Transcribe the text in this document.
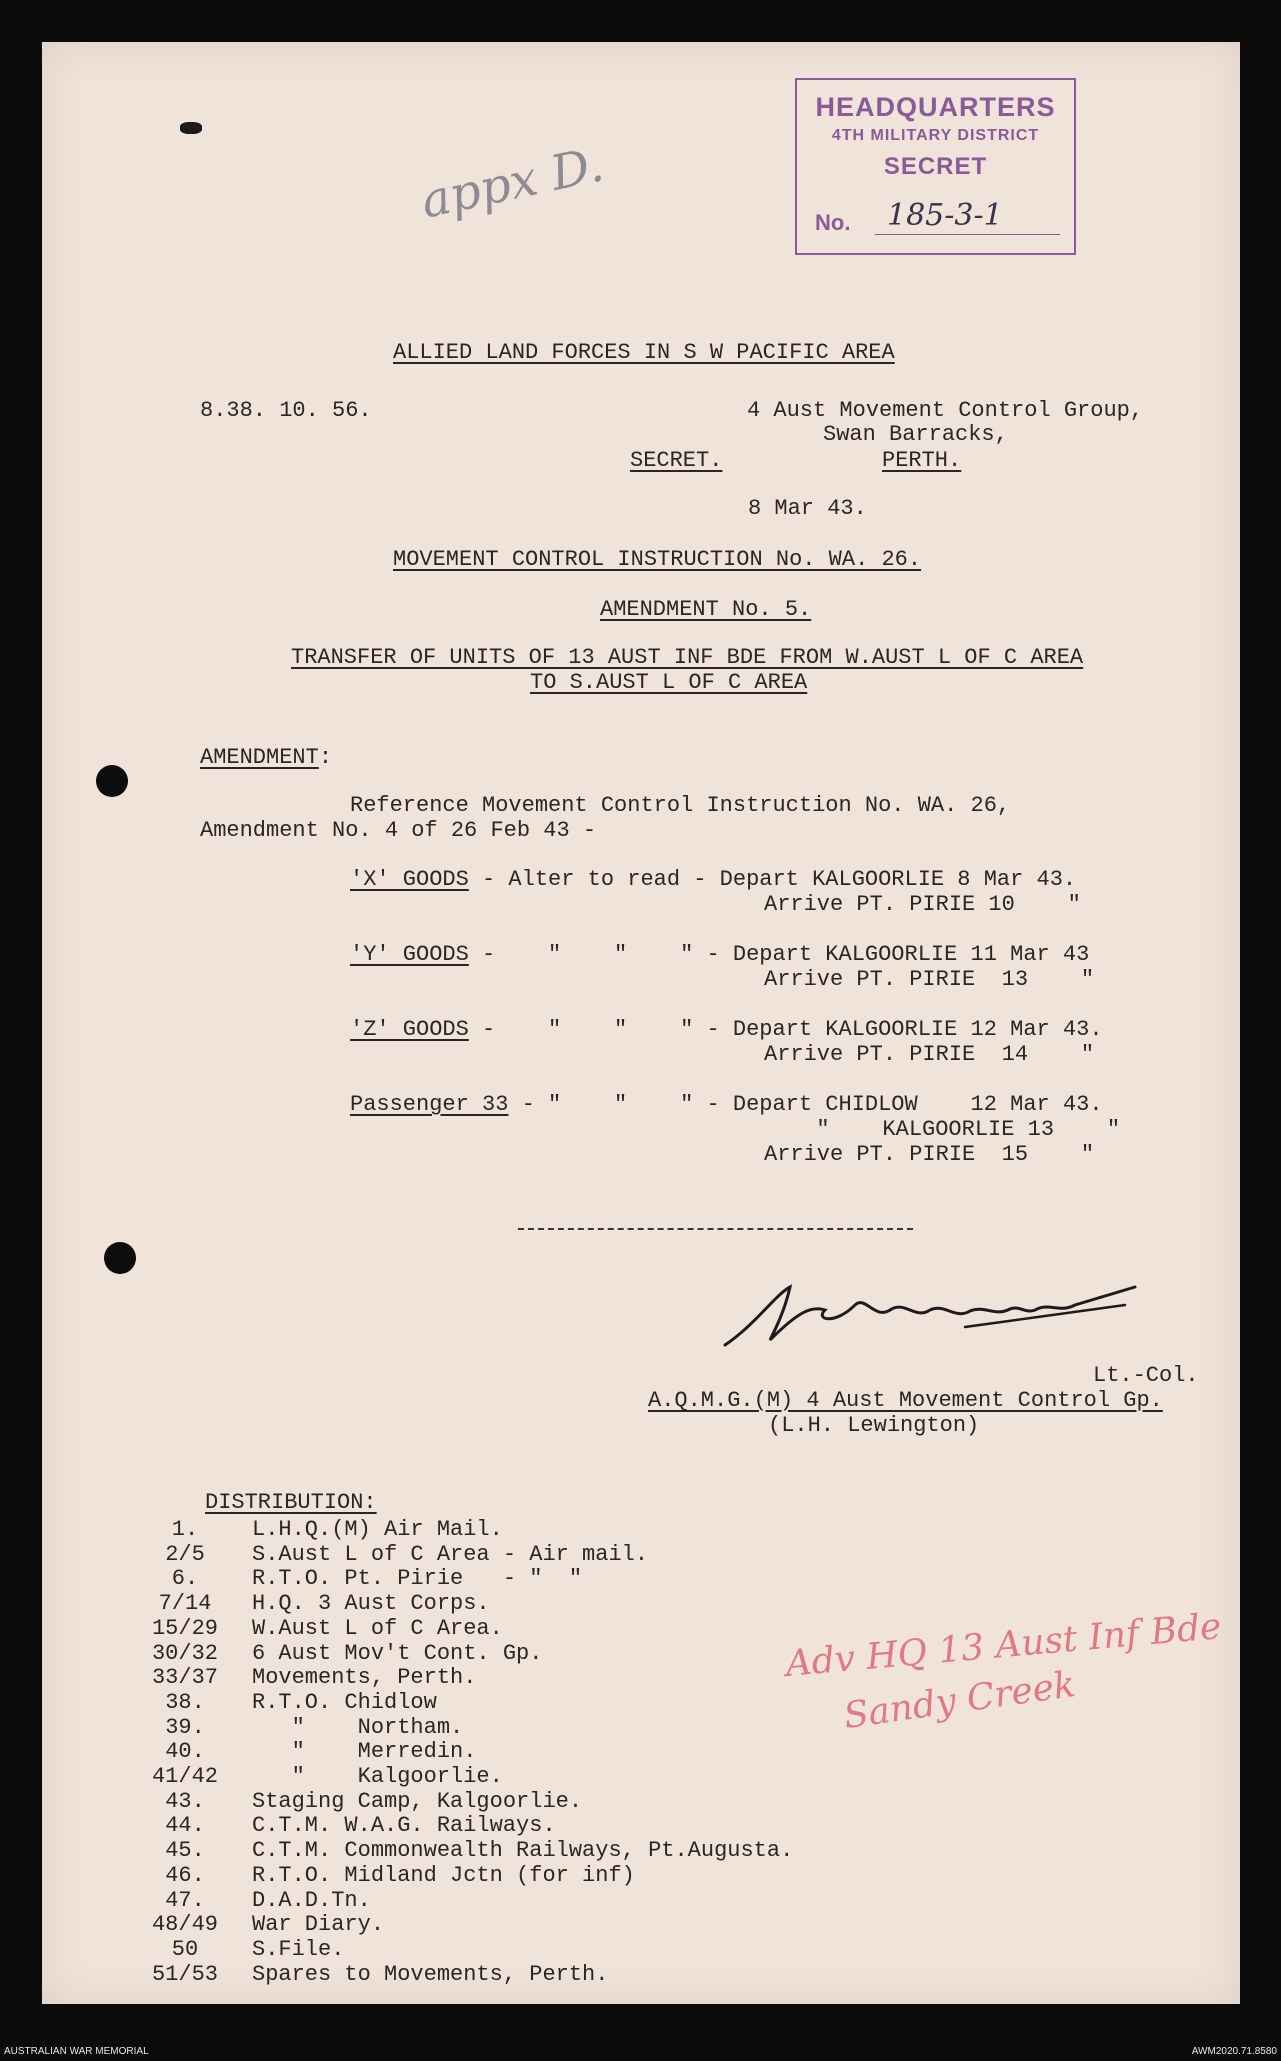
HEADQUARTERS
4TH MILITARY DISTRICT
SECRET
No. 185-3-1
appx D.
ALLIED LAND FORCES IN S W PACIFIC AREA
8.38. 10. 56.	4 Aust Movement Control Group,
Swan Barracks,
SECRET.	PERTH.
8 Mar 43.
MOVEMENT CONTROL INSTRUCTION No. WA. 26.
AMENDMENT No. 5.
TRANSFER OF UNITS OF 13 AUST INF BDE FROM W.AUST L OF C AREA
TO S.AUST L OF C AREA
AMENDMENT:
Reference Movement Control Instruction No. WA. 26,
Amendment No. 4 of 26 Feb 43 -
'X' GOODS - Alter to read - Depart KALGOORLIE 8 Mar 43.
Arrive PT. PIRIE 10    "
'Y' GOODS -    "    "    " - Depart KALGOORLIE 11 Mar 43
Arrive PT. PIRIE  13    "
'Z' GOODS -    "    "    " - Depart KALGOORLIE 12 Mar 43.
Arrive PT. PIRIE  14    "
Passenger 33 - "    "    " - Depart CHIDLOW    12 Mar 43.
"    KALGOORLIE 13    "
Arrive PT. PIRIE  15    "
Lt.-Col.
A.Q.M.G.(M) 4 Aust Movement Control Gp.
(L.H. Lewington)
DISTRIBUTION:
1.	L.H.Q.(M) Air Mail.
2/5	S.Aust L of C Area - Air mail.
6.	R.T.O. Pt. Pirie   - "  "
7/14	H.Q. 3 Aust Corps.
15/29	W.Aust L of C Area.
30/32	6 Aust Mov't Cont. Gp.
33/37	Movements, Perth.
38.	R.T.O. Chidlow
39.	"    Northam.
40.	"    Merredin.
41/42	"    Kalgoorlie.
43.	Staging Camp, Kalgoorlie.
44.	C.T.M. W.A.G. Railways.
45.	C.T.M. Commonwealth Railways, Pt.Augusta.
46.	R.T.O. Midland Jctn (for inf)
47.	D.A.D.Tn.
48/49	War Diary.
50	S.File.
51/53	Spares to Movements, Perth.
Adv HQ 13 Aust Inf Bde
Sandy Creek
AUSTRALIAN WAR MEMORIAL	AWM2020.71.8580
